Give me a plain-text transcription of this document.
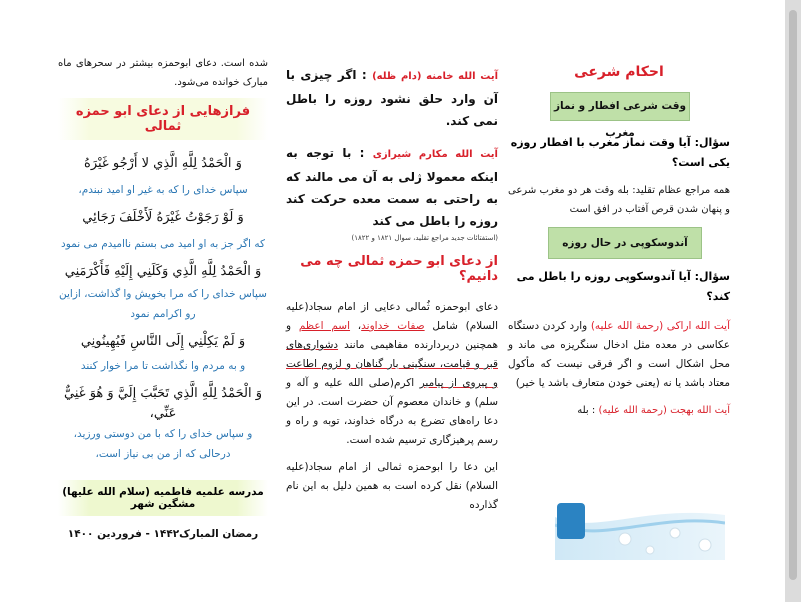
احکام شرعی

وقت شرعی افطار و نماز مغرب

سؤال: آیا وقت نماز مغرب با افطار روزه یکی است؟

همه مراجع عظام تقلید: بله وقت هر دو مغرب شرعی و پنهان شدن قرص آفتاب در افق است

آندوسکوپی در حال روزه

سؤال: آیا آندوسکوپی روزه را باطل می کند؟

آیت الله اراکی (رحمة الله علیه) وارد کردن دستگاه عکاسی در معده مثل ادخال سنگریزه می ماند و محل اشکال است و اگر فرقی نیست که مأکول معتاد باشد یا نه (یعنی خودن متعارف باشد یا خیر)

آیت الله بهجت (رحمة الله علیه) : بله

آیت الله خامنه (دام ظله) : اگر چیزی با آن وارد حلق نشود روزه را باطل نمی کند.

آیت الله مکارم شیرازی : با توجه به اینکه معمولا ژلی به آن می مالند که به راحتی به سمت معده حرکت کند روزه را باطل می کند

(استفتائات جدید مراجع تقلید، سوال ۱۸۲۱ و ۱۸۲۲)

از دعای ابو حمزه ثمالی چه می دانیم؟

دعای ابوحمزه ثُمالی دعایی از امام سجاد(علیه السلام) شامل صفات خداوند، اسم اعظم و همچنین دربردارنده مفاهیمی مانند دشواری‌های قبر و قیامت، سنگینی بار گناهان و لزوم اطاعت و پیروی از پیامبر اکرم(صلی الله علیه و آله و سلم) و خاندان معصوم آن حضرت است. در این دعا راه‌های تضرع به درگاه خداوند، توبه و راه و رسم پرهیزگاری ترسیم شده است.

این دعا را ابوحمزه ثمالی از امام سجاد(علیه السلام) نقل کرده است به همین دلیل به این نام گذارده

شده است. دعای ابوحمزه بیشتر در سحرهای ماه مبارک خوانده می‌شود.

فرازهایی از دعای ابو حمزه ثمالی

وَ الْحَمْدُ لِلَّهِ الَّذِي لا أَرْجُو غَيْرَهُ

سپاس خدای را که به غیر او امید نبندم،

وَ لَوْ رَجَوْتُ غَيْرَهُ لَأَخْلَفَ رَجَائِي

که اگر جز به او امید می بستم ناامیدم می نمود

وَ الْحَمْدُ لِلَّهِ الَّذِي وَكَلَنِي إِلَيْهِ فَأَكْرَمَنِي

سپاس خدای را که مرا بخویش وا گذاشت، ازاین رو اکرامم نمود

وَ لَمْ يَكِلْنِي إِلَى النَّاسِ فَيُهِينُونِي

و به مردم وا نگذاشت تا مرا خوار کنند

وَ الْحَمْدُ لِلَّهِ الَّذِي تَحَبَّبَ إِلَيَّ وَ هُوَ غَنِيٌّ عَنِّي،

و سپاس خدای را که با من دوستی ورزید، درحالی که از من بی نیاز است،

مدرسه علمیه فاطمیه (سلام الله علیها) مشگین شهر

رمضان المبارک۱۴۴۲ - فروردین ۱۴۰۰
